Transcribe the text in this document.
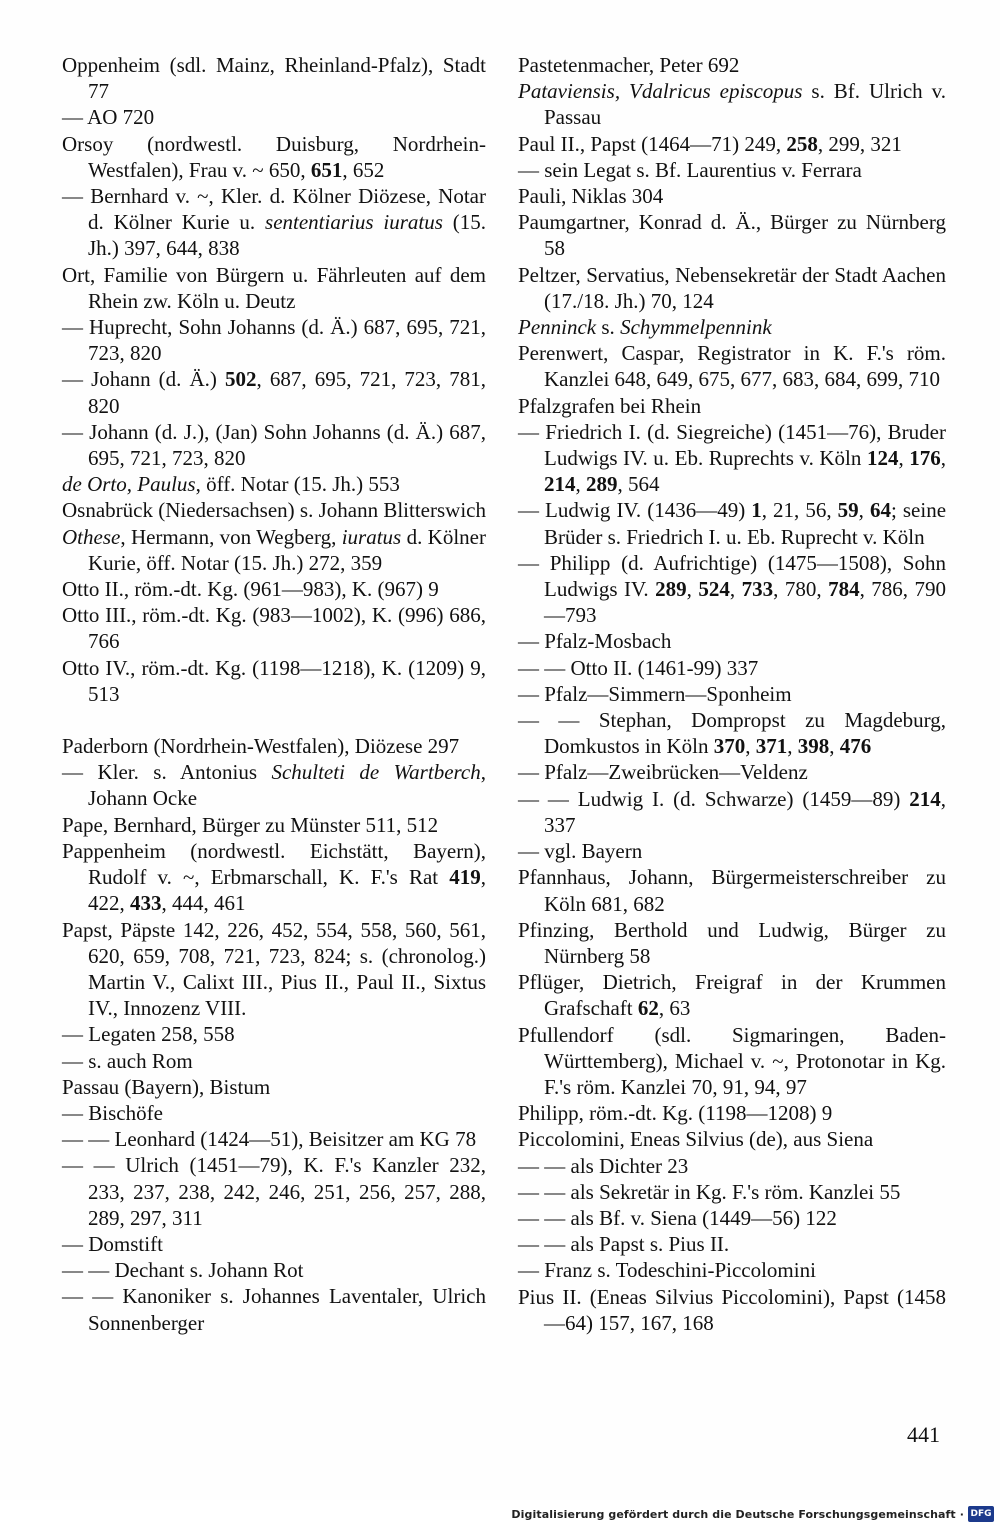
Oppenheim (sdl. Mainz, Rheinland-Pfalz), Stadt 77

— AO 720

Orsoy (nordwestl. Duisburg, Nordrhein-Westfalen), Frau v. ~ 650, 651, 652

— Bernhard v. ~, Kler. d. Kölner Diözese, Notar d. Kölner Kurie u. sententiarius iuratus (15. Jh.) 397, 644, 838

Ort, Familie von Bürgern u. Fährleuten auf dem Rhein zw. Köln u. Deutz

— Huprecht, Sohn Johanns (d. Ä.) 687, 695, 721, 723, 820

— Johann (d. Ä.) 502, 687, 695, 721, 723, 781, 820

— Johann (d. J.), (Jan) Sohn Johanns (d. Ä.) 687, 695, 721, 723, 820

de Orto, Paulus, öff. Notar (15. Jh.) 553

Osnabrück (Niedersachsen) s. Johann Blitterswich

Othese, Hermann, von Wegberg, iuratus d. Kölner Kurie, öff. Notar (15. Jh.) 272, 359

Otto II., röm.-dt. Kg. (961—983), K. (967) 9

Otto III., röm.-dt. Kg. (983—1002), K. (996) 686, 766

Otto IV., röm.-dt. Kg. (1198—1218), K. (1209) 9, 513

Paderborn (Nordrhein-Westfalen), Diözese 297

— Kler. s. Antonius Schulteti de Wartberch, Johann Ocke

Pape, Bernhard, Bürger zu Münster 511, 512

Pappenheim (nordwestl. Eichstätt, Bayern), Rudolf v. ~, Erbmarschall, K. F.'s Rat 419, 422, 433, 444, 461

Papst, Päpste 142, 226, 452, 554, 558, 560, 561, 620, 659, 708, 721, 723, 824; s. (chronolog.) Martin V., Calixt III., Pius II., Paul II., Sixtus IV., Innozenz VIII.

— Legaten 258, 558

— s. auch Rom

Passau (Bayern), Bistum

— Bischöfe

— — Leonhard (1424—51), Beisitzer am KG 78

— — Ulrich (1451—79), K. F.'s Kanzler 232, 233, 237, 238, 242, 246, 251, 256, 257, 288, 289, 297, 311

— Domstift

— — Dechant s. Johann Rot

— — Kanoniker s. Johannes Laventaler, Ulrich Sonnenberger

Pastetenmacher, Peter 692

Pataviensis, Vdalricus episcopus s. Bf. Ulrich v. Passau

Paul II., Papst (1464—71) 249, 258, 299, 321

— sein Legat s. Bf. Laurentius v. Ferrara

Pauli, Niklas 304

Paumgartner, Konrad d. Ä., Bürger zu Nürnberg 58

Peltzer, Servatius, Nebensekretär der Stadt Aachen (17./18. Jh.) 70, 124

Penninck s. Schymmelpennink

Perenwert, Caspar, Registrator in K. F.'s röm. Kanzlei 648, 649, 675, 677, 683, 684, 699, 710

Pfalzgrafen bei Rhein

— Friedrich I. (d. Siegreiche) (1451—76), Bruder Ludwigs IV. u. Eb. Ruprechts v. Köln 124, 176, 214, 289, 564

— Ludwig IV. (1436—49) 1, 21, 56, 59, 64; seine Brüder s. Friedrich I. u. Eb. Ruprecht v. Köln

— Philipp (d. Aufrichtige) (1475—1508), Sohn Ludwigs IV. 289, 524, 733, 780, 784, 786, 790—793

— Pfalz-Mosbach

— — Otto II. (1461-99) 337

— Pfalz—Simmern—Sponheim

— — Stephan, Dompropst zu Magdeburg, Domkustos in Köln 370, 371, 398, 476

— Pfalz—Zweibrücken—Veldenz

— — Ludwig I. (d. Schwarze) (1459—89) 214, 337

— vgl. Bayern

Pfannhaus, Johann, Bürgermeisterschreiber zu Köln 681, 682

Pfinzing, Berthold und Ludwig, Bürger zu Nürnberg 58

Pflüger, Dietrich, Freigraf in der Krummen Grafschaft 62, 63

Pfullendorf (sdl. Sigmaringen, Baden-Württemberg), Michael v. ~, Protonotar in Kg. F.'s röm. Kanzlei 70, 91, 94, 97

Philipp, röm.-dt. Kg. (1198—1208) 9

Piccolomini, Eneas Silvius (de), aus Siena

— — als Dichter 23

— — als Sekretär in Kg. F.'s röm. Kanzlei 55

— — als Bf. v. Siena (1449—56) 122

— — als Papst s. Pius II.

— Franz s. Todeschini-Piccolomini

Pius II. (Eneas Silvius Piccolomini), Papst (1458—64) 157, 167, 168

441
Digitalisierung gefördert durch die Deutsche Forschungsgemeinschaft · DFG
